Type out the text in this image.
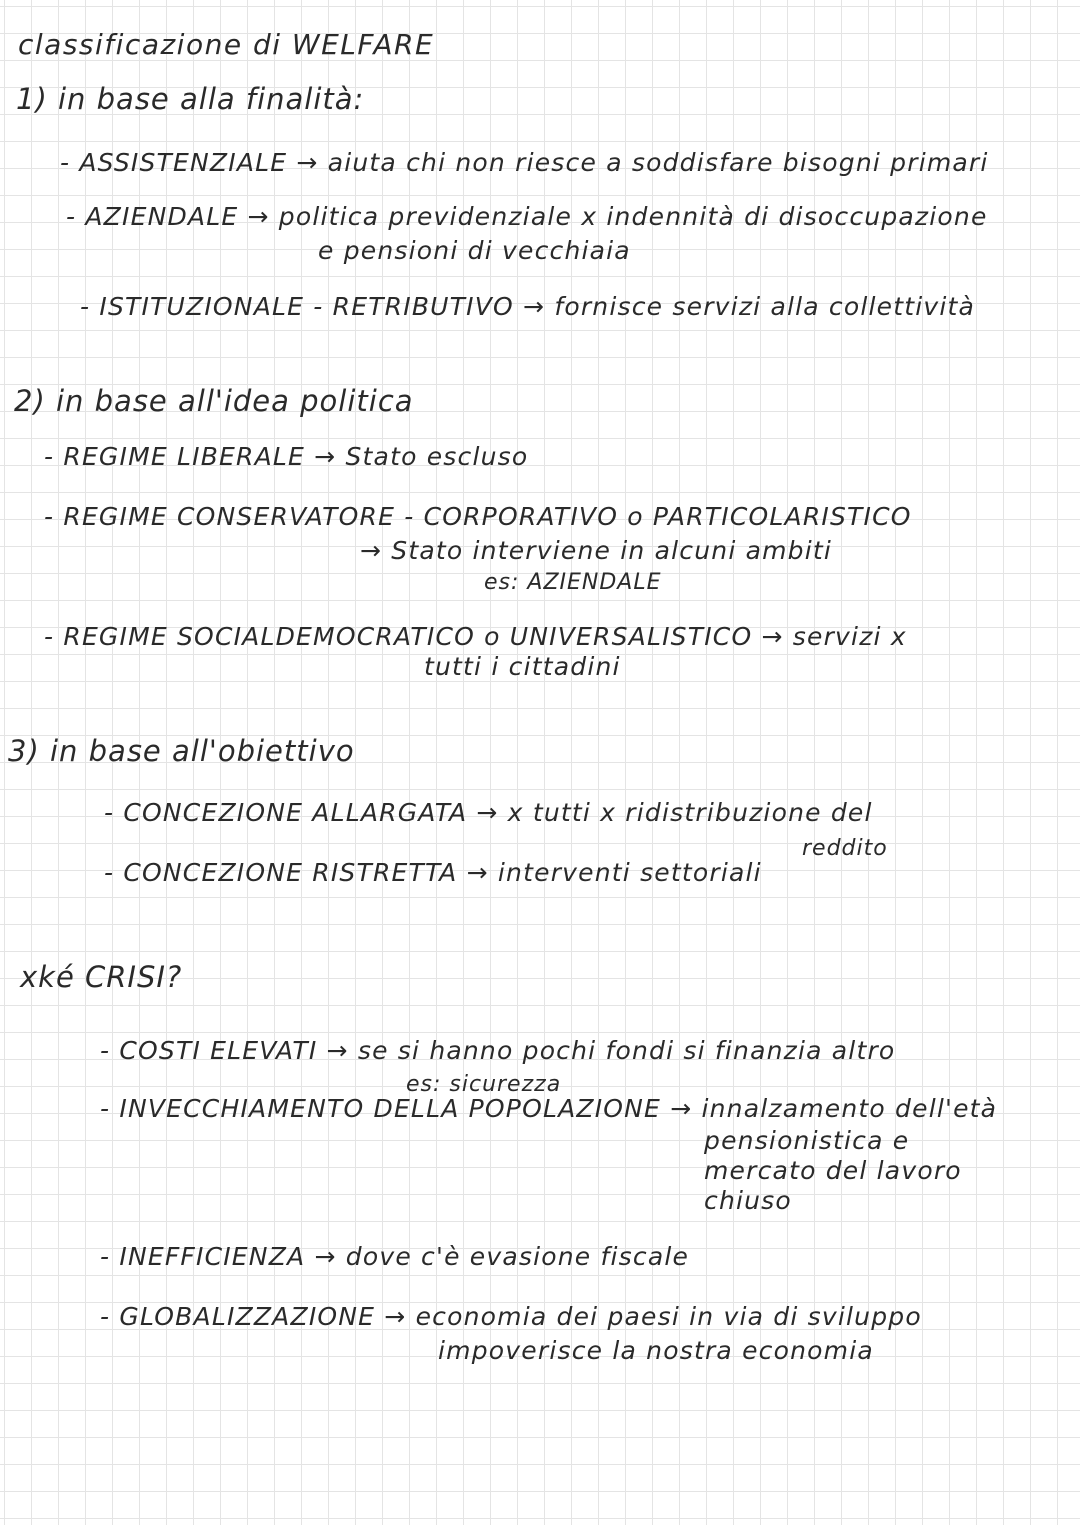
classificazione di WELFARE
1) in base alla finalità:
- ASSISTENZIALE → aiuta chi non riesce a soddisfare bisogni primari
- AZIENDALE → politica previdenziale x indennità di disoccupazione
e pensioni di vecchiaia
- ISTITUZIONALE - RETRIBUTIVO → fornisce servizi alla collettività
2) in base all'idea politica
- REGIME LIBERALE → Stato escluso
- REGIME CONSERVATORE - CORPORATIVO o PARTICOLARISTICO
→ Stato interviene in alcuni ambiti
es: AZIENDALE
- REGIME SOCIALDEMOCRATICO o UNIVERSALISTICO → servizi x
tutti i cittadini
3) in base all'obiettivo
- CONCEZIONE ALLARGATA → x tutti x ridistribuzione del
reddito
- CONCEZIONE RISTRETTA → interventi settoriali
xké CRISI?
- COSTI ELEVATI → se si hanno pochi fondi si finanzia altro
es: sicurezza
- INVECCHIAMENTO DELLA POPOLAZIONE → innalzamento dell'età
pensionistica e
mercato del lavoro
chiuso
- INEFFICIENZA → dove c'è evasione fiscale
- GLOBALIZZAZIONE → economia dei paesi in via di sviluppo
impoverisce la nostra economia
